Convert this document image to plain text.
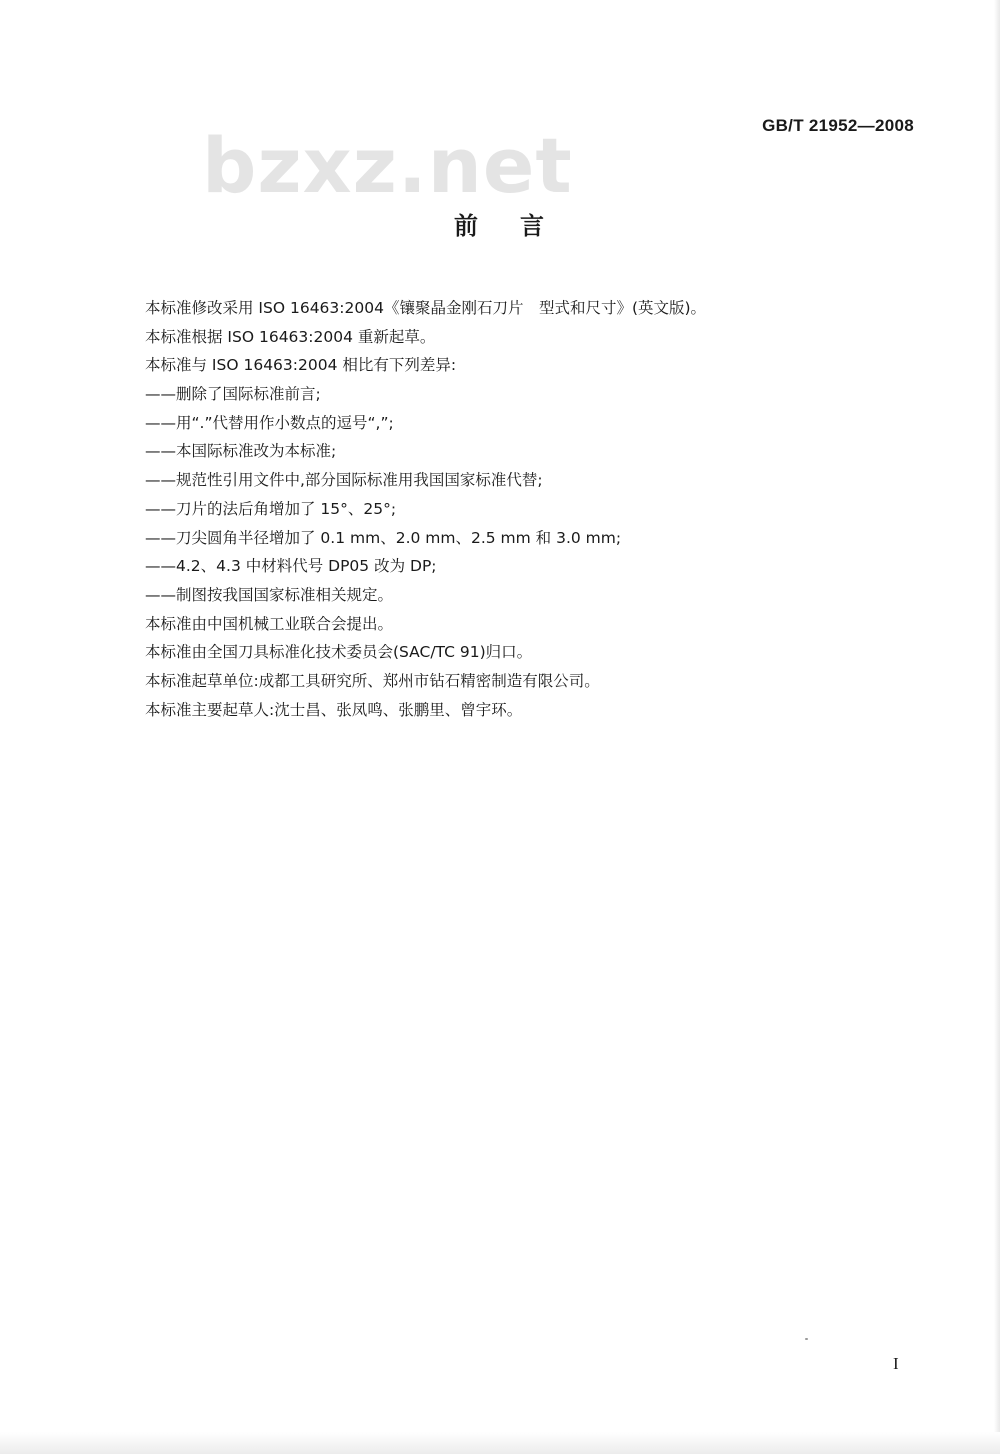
GB/T 21952—2008
bzxz.net
前言
本标准修改采用 ISO 16463:2004《镶聚晶金刚石刀片　型式和尺寸》(英文版)。
本标准根据 ISO 16463:2004 重新起草。
本标准与 ISO 16463:2004 相比有下列差异:
——删除了国际标准前言;
——用“.”代替用作小数点的逗号“,”;
——本国际标准改为本标准;
——规范性引用文件中,部分国际标准用我国国家标准代替;
——刀片的法后角增加了 15°、25°;
——刀尖圆角半径增加了 0.1 mm、2.0 mm、2.5 mm 和 3.0 mm;
——4.2、4.3 中材料代号 DP05 改为 DP;
——制图按我国国家标准相关规定。
本标准由中国机械工业联合会提出。
本标准由全国刀具标准化技术委员会(SAC/TC 91)归口。
本标准起草单位:成都工具研究所、郑州市钻石精密制造有限公司。
本标准主要起草人:沈士昌、张凤鸣、张鹏里、曾宇环。
I
